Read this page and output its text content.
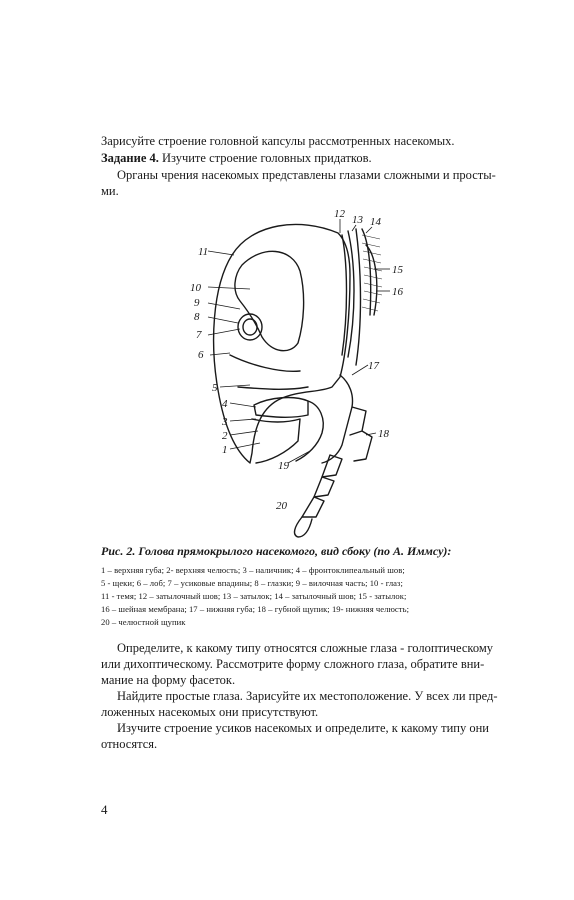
Зарисуйте строение головной капсулы рассмотренных насекомых.
Задание 4. Изучите строение головных придатков.
Органы чрения насекомых представлены глазами сложными и просты-
ми.
11
10
9
8
7
6
5
4
3
2
1
12 13 14
15
16
17
18
19
20
Рис. 2. Голова прямокрылого насекомого, вид сбоку (по А. Иммсу):
1 – верхняя губа; 2- верхняя челюсть; 3 – наличник; 4 – фронтоклипеальный шов;
5 - щеки; 6 – лоб; 7 – усиковые впадины; 8 – глазки; 9 – вилочная часть; 10 - глаз;
11 - темя; 12 – затылочный шов; 13 – затылок; 14 – затылочный шов; 15 - затылок;
16 – шейная мембрана; 17 – нижняя губа; 18 – губной щупик; 19- нижняя челюсть;
20 – челюстной щупик
Определите, к какому типу относятся сложные глаза - голоптическому
или дихоптическому. Рассмотрите форму сложного глаза, обратите вни-
мание на форму фасеток.
Найдите простые глаза. Зарисуйте их местоположение. У всех ли пред-
ложенных насекомых они присутствуют.
Изучите строение усиков насекомых и определите, к какому типу они
относятся.
4
